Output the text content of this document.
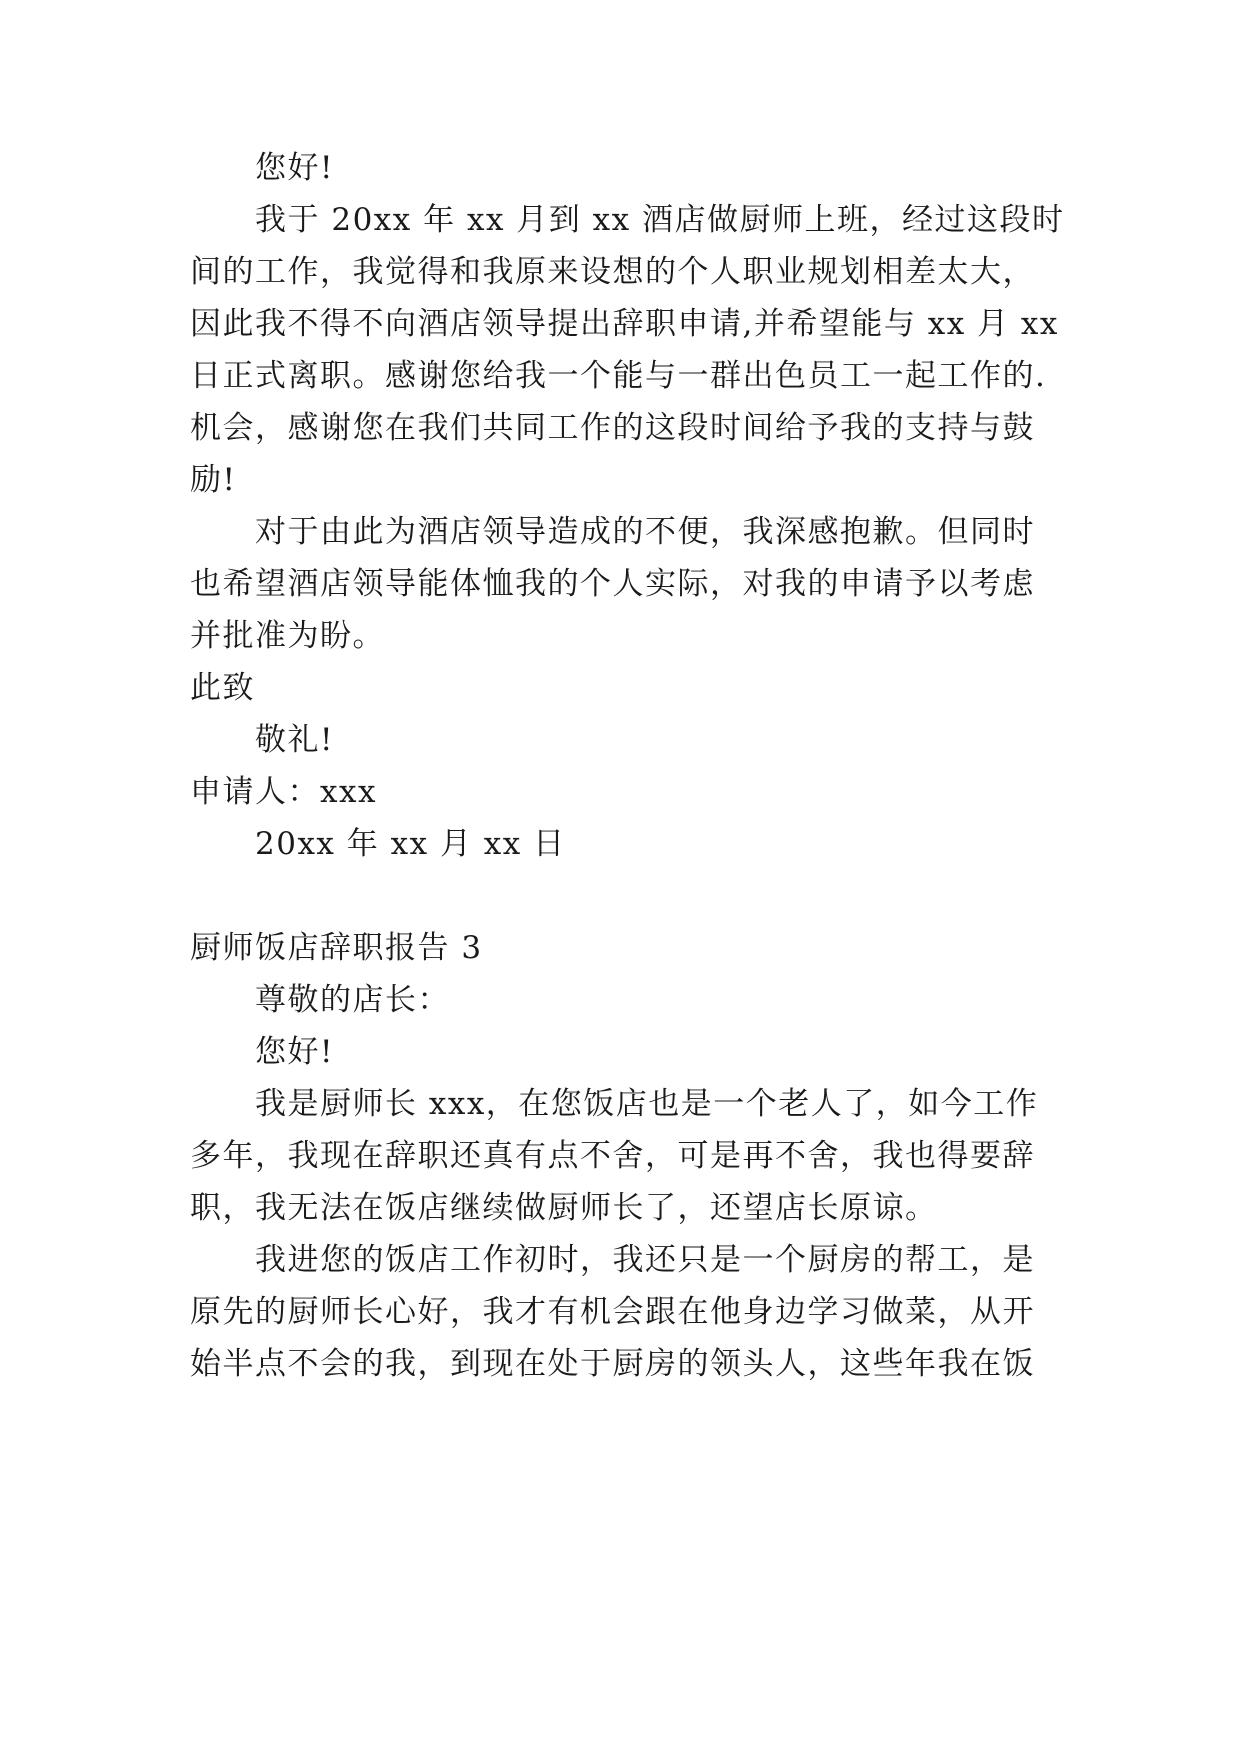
您好!
我于 20xx 年 xx 月到 xx 酒店做厨师上班，经过这段时
间的工作，我觉得和我原来设想的个人职业规划相差太大，
因此我不得不向酒店领导提出辞职申请,并希望能与 xx 月 xx
日正式离职。感谢您给我一个能与一群出色员工一起工作的.
机会，感谢您在我们共同工作的这段时间给予我的支持与鼓
励!
对于由此为酒店领导造成的不便，我深感抱歉。但同时
也希望酒店领导能体恤我的个人实际，对我的申请予以考虑
并批准为盼。
此致
敬礼!
申请人：xxx
20xx 年 xx 月 xx 日
厨师饭店辞职报告 3
尊敬的店长：
您好!
我是厨师长 xxx，在您饭店也是一个老人了，如今工作
多年，我现在辞职还真有点不舍，可是再不舍，我也得要辞
职，我无法在饭店继续做厨师长了，还望店长原谅。
我进您的饭店工作初时，我还只是一个厨房的帮工，是
原先的厨师长心好，我才有机会跟在他身边学习做菜，从开
始半点不会的我，到现在处于厨房的领头人，这些年我在饭
